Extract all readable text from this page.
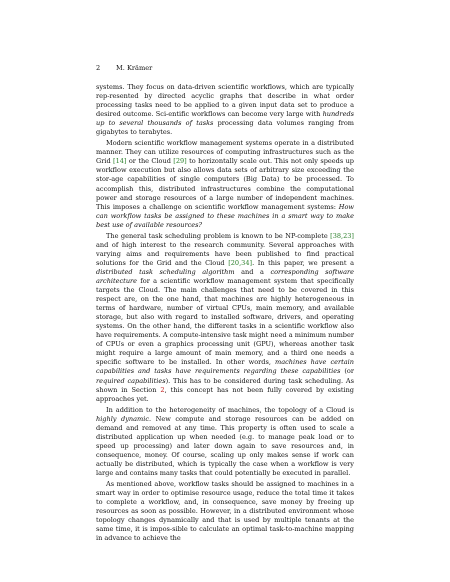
2 M. Krämer

systems. They focus on data-driven scientific workflows, which are typically rep-resented by directed acyclic graphs that describe in what order processing tasks need to be applied to a given input data set to produce a desired outcome. Sci-entific workflows can become very large with hundreds up to several thousands of tasks processing data volumes ranging from gigabytes to terabytes.

Modern scientific workflow management systems operate in a distributed manner. They can utilize resources of computing infrastructures such as the Grid [14] or the Cloud [29] to horizontally scale out. This not only speeds up workflow execution but also allows data sets of arbitrary size exceeding the stor-age capabilities of single computers (Big Data) to be processed. To accomplish this, distributed infrastructures combine the computational power and storage resources of a large number of independent machines. This imposes a challenge on scientific workflow management systems: How can workflow tasks be assigned to these machines in a smart way to make best use of available resources?

The general task scheduling problem is known to be NP-complete [38,23] and of high interest to the research community. Several approaches with varying aims and requirements have been published to find practical solutions for the Grid and the Cloud [20,34]. In this paper, we present a distributed task scheduling algorithm and a corresponding software architecture for a scientific workflow management system that specifically targets the Cloud. The main challenges that need to be covered in this respect are, on the one hand, that machines are highly heterogeneous in terms of hardware, number of virtual CPUs, main memory, and available storage, but also with regard to installed software, drivers, and operating systems. On the other hand, the different tasks in a scientific workflow also have requirements. A compute-intensive task might need a minimum number of CPUs or even a graphics processing unit (GPU), whereas another task might require a large amount of main memory, and a third one needs a specific software to be installed. In other words, machines have certain capabilities and tasks have requirements regarding these capabilities (or required capabilities). This has to be considered during task scheduling. As shown in Section 2, this concept has not been fully covered by existing approaches yet.

In addition to the heterogeneity of machines, the topology of a Cloud is highly dynamic. New compute and storage resources can be added on demand and removed at any time. This property is often used to scale a distributed application up when needed (e.g. to manage peak load or to speed up processing) and later down again to save resources and, in consequence, money. Of course, scaling up only makes sense if work can actually be distributed, which is typically the case when a workflow is very large and contains many tasks that could potentially be executed in parallel.

As mentioned above, workflow tasks should be assigned to machines in a smart way in order to optimise resource usage, reduce the total time it takes to complete a workflow, and, in consequence, save money by freeing up resources as soon as possible. However, in a distributed environment whose topology changes dynamically and that is used by multiple tenants at the same time, it is impos-sible to calculate an optimal task-to-machine mapping in advance to achieve the
